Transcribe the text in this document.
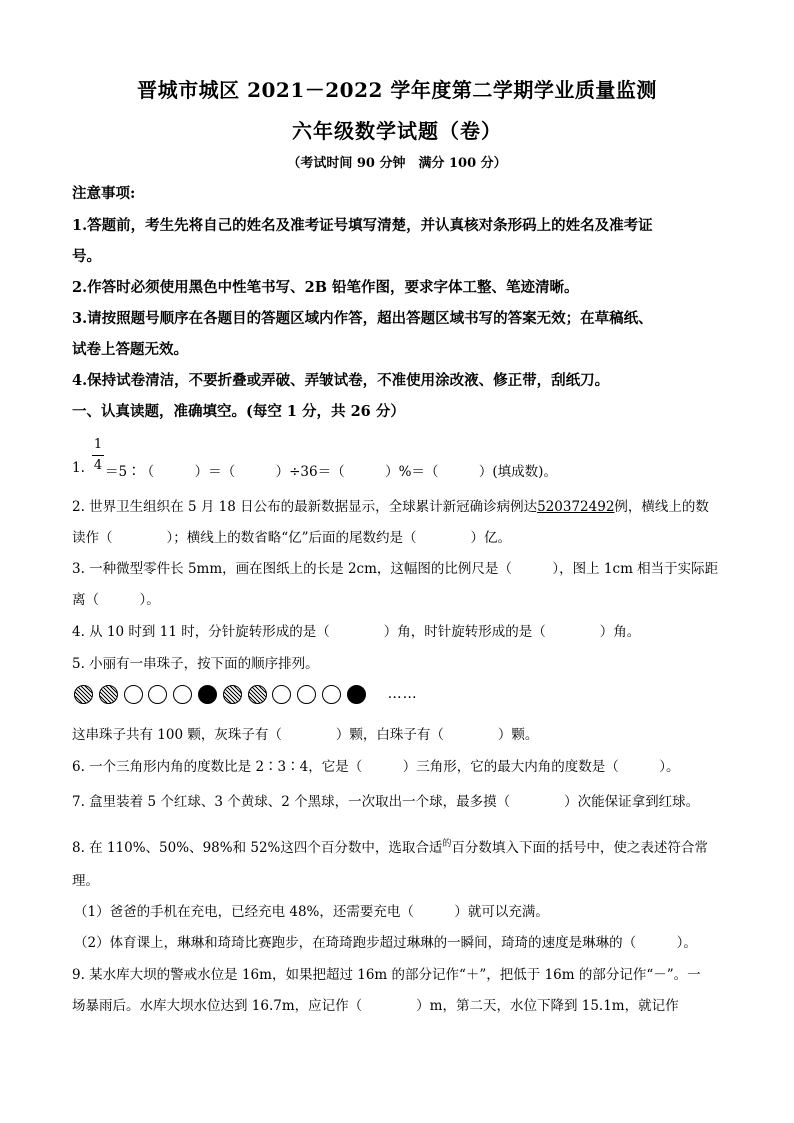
晋城市城区 2021－2022 学年度第二学期学业质量监测
六年级数学试题（卷）
（考试时间 90 分钟　满分 100 分）
注意事项:
1.答题前，考生先将自己的姓名及准考证号填写清楚，并认真核对条形码上的姓名及准考证
号。
2.作答时必须使用黑色中性笔书写、2B 铅笔作图，要求字体工整、笔迹清晰。
3.请按照题号顺序在各题目的答题区域内作答，超出答题区域书写的答案无效；在草稿纸、
试卷上答题无效。
4.保持试卷清洁，不要折叠或弄破、弄皱试卷，不准使用涂改液、修正带，刮纸刀。
一、认真读题，准确填空。(每空 1 分，共 26 分）
1
4
1. ＝5∶（　　　）＝（　　　）÷36＝（　　　）%＝（　　　）(填成数)。
2. 世界卫生组织在 5 月 18 日公布的最新数据显示，全球累计新冠确诊病例达520372492例，横线上的数
读作（　　　　）；横线上的数省略“亿”后面的尾数约是（　　　　）亿。
3. 一种微型零件长 5mm，画在图纸上的长是 2cm，这幅图的比例尺是（　　　），图上 1cm 相当于实际距
离（　　　）。
4. 从 10 时到 11 时，分针旋转形成的是（　　　　）角，时针旋转形成的是（　　　　）角。
5. 小丽有一串珠子，按下面的顺序排列。
……
这串珠子共有 100 颗，灰珠子有（　　　　）颗，白珠子有（　　　　）颗。
6. 一个三角形内角的度数比是 2∶3∶4，它是（　　　）三角形，它的最大内角的度数是（　　　）。
7. 盒里装着 5 个红球、3 个黄球、2 个黑球，一次取出一个球，最多摸（　　　　）次能保证拿到红球。
8. 在 110%、50%、98%和 52%这四个百分数中，选取合适$^的$百分数填入下面的括号中，使之表述符合常
理。
（1）爸爸的手机在充电，已经充电 48%，还需要充电（　　　）就可以充满。
（2）体育课上，琳琳和琦琦比赛跑步，在琦琦跑步超过琳琳的一瞬间，琦琦的速度是琳琳的（　　　）。
9. 某水库大坝的警戒水位是 16m，如果把超过 16m 的部分记作“＋”，把低于 16m 的部分记作“－”。一
场暴雨后。水库大坝水位达到 16.7m，应记作（　　　　）m，第二天，水位下降到 15.1m，就记作
